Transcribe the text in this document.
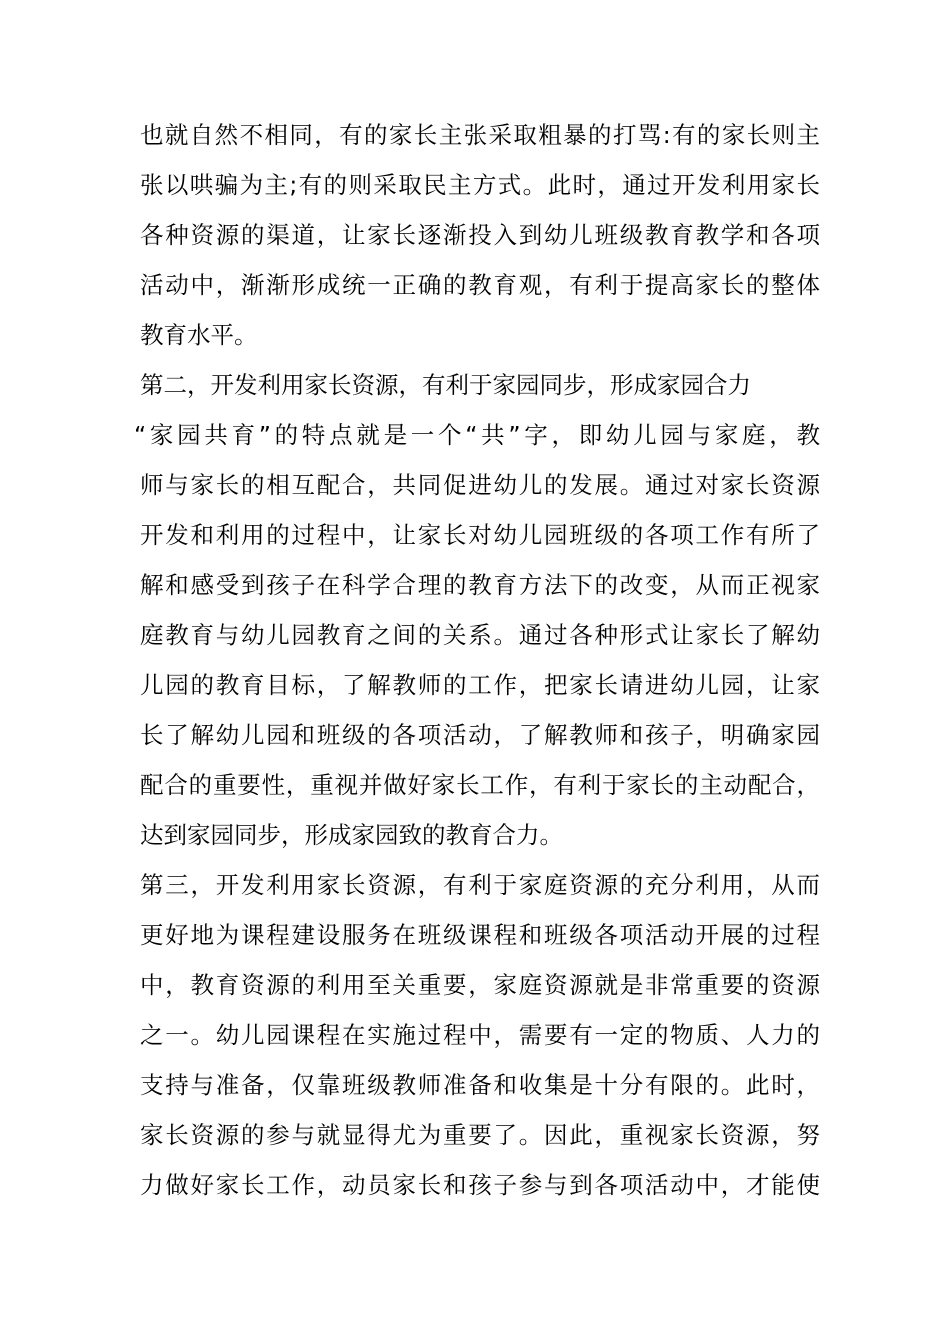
也就自然不相同，有的家长主张采取粗暴的打骂:有的家长则主
张以哄骗为主;有的则采取民主方式。此时，通过开发利用家长
各种资源的渠道，让家长逐渐投入到幼儿班级教育教学和各项
活动中，渐渐形成统一正确的教育观，有利于提高家长的整体
教育水平。
第二，开发利用家长资源，有利于家园同步，形成家园合力
“家园共育”的特点就是一个“共”字，即幼儿园与家庭，教
师与家长的相互配合，共同促进幼儿的发展。通过对家长资源
开发和利用的过程中，让家长对幼儿园班级的各项工作有所了
解和感受到孩子在科学合理的教育方法下的改变，从而正视家
庭教育与幼儿园教育之间的关系。通过各种形式让家长了解幼
儿园的教育目标，了解教师的工作，把家长请进幼儿园，让家
长了解幼儿园和班级的各项活动，了解教师和孩子，明确家园
配合的重要性，重视并做好家长工作，有利于家长的主动配合，
达到家园同步，形成家园致的教育合力。
第三，开发利用家长资源，有利于家庭资源的充分利用，从而
更好地为课程建设服务在班级课程和班级各项活动开展的过程
中，教育资源的利用至关重要，家庭资源就是非常重要的资源
之一。幼儿园课程在实施过程中，需要有一定的物质、人力的
支持与准备，仅靠班级教师准备和收集是十分有限的。此时，
家长资源的参与就显得尤为重要了。因此，重视家长资源，努
力做好家长工作，动员家长和孩子参与到各项活动中，才能使
